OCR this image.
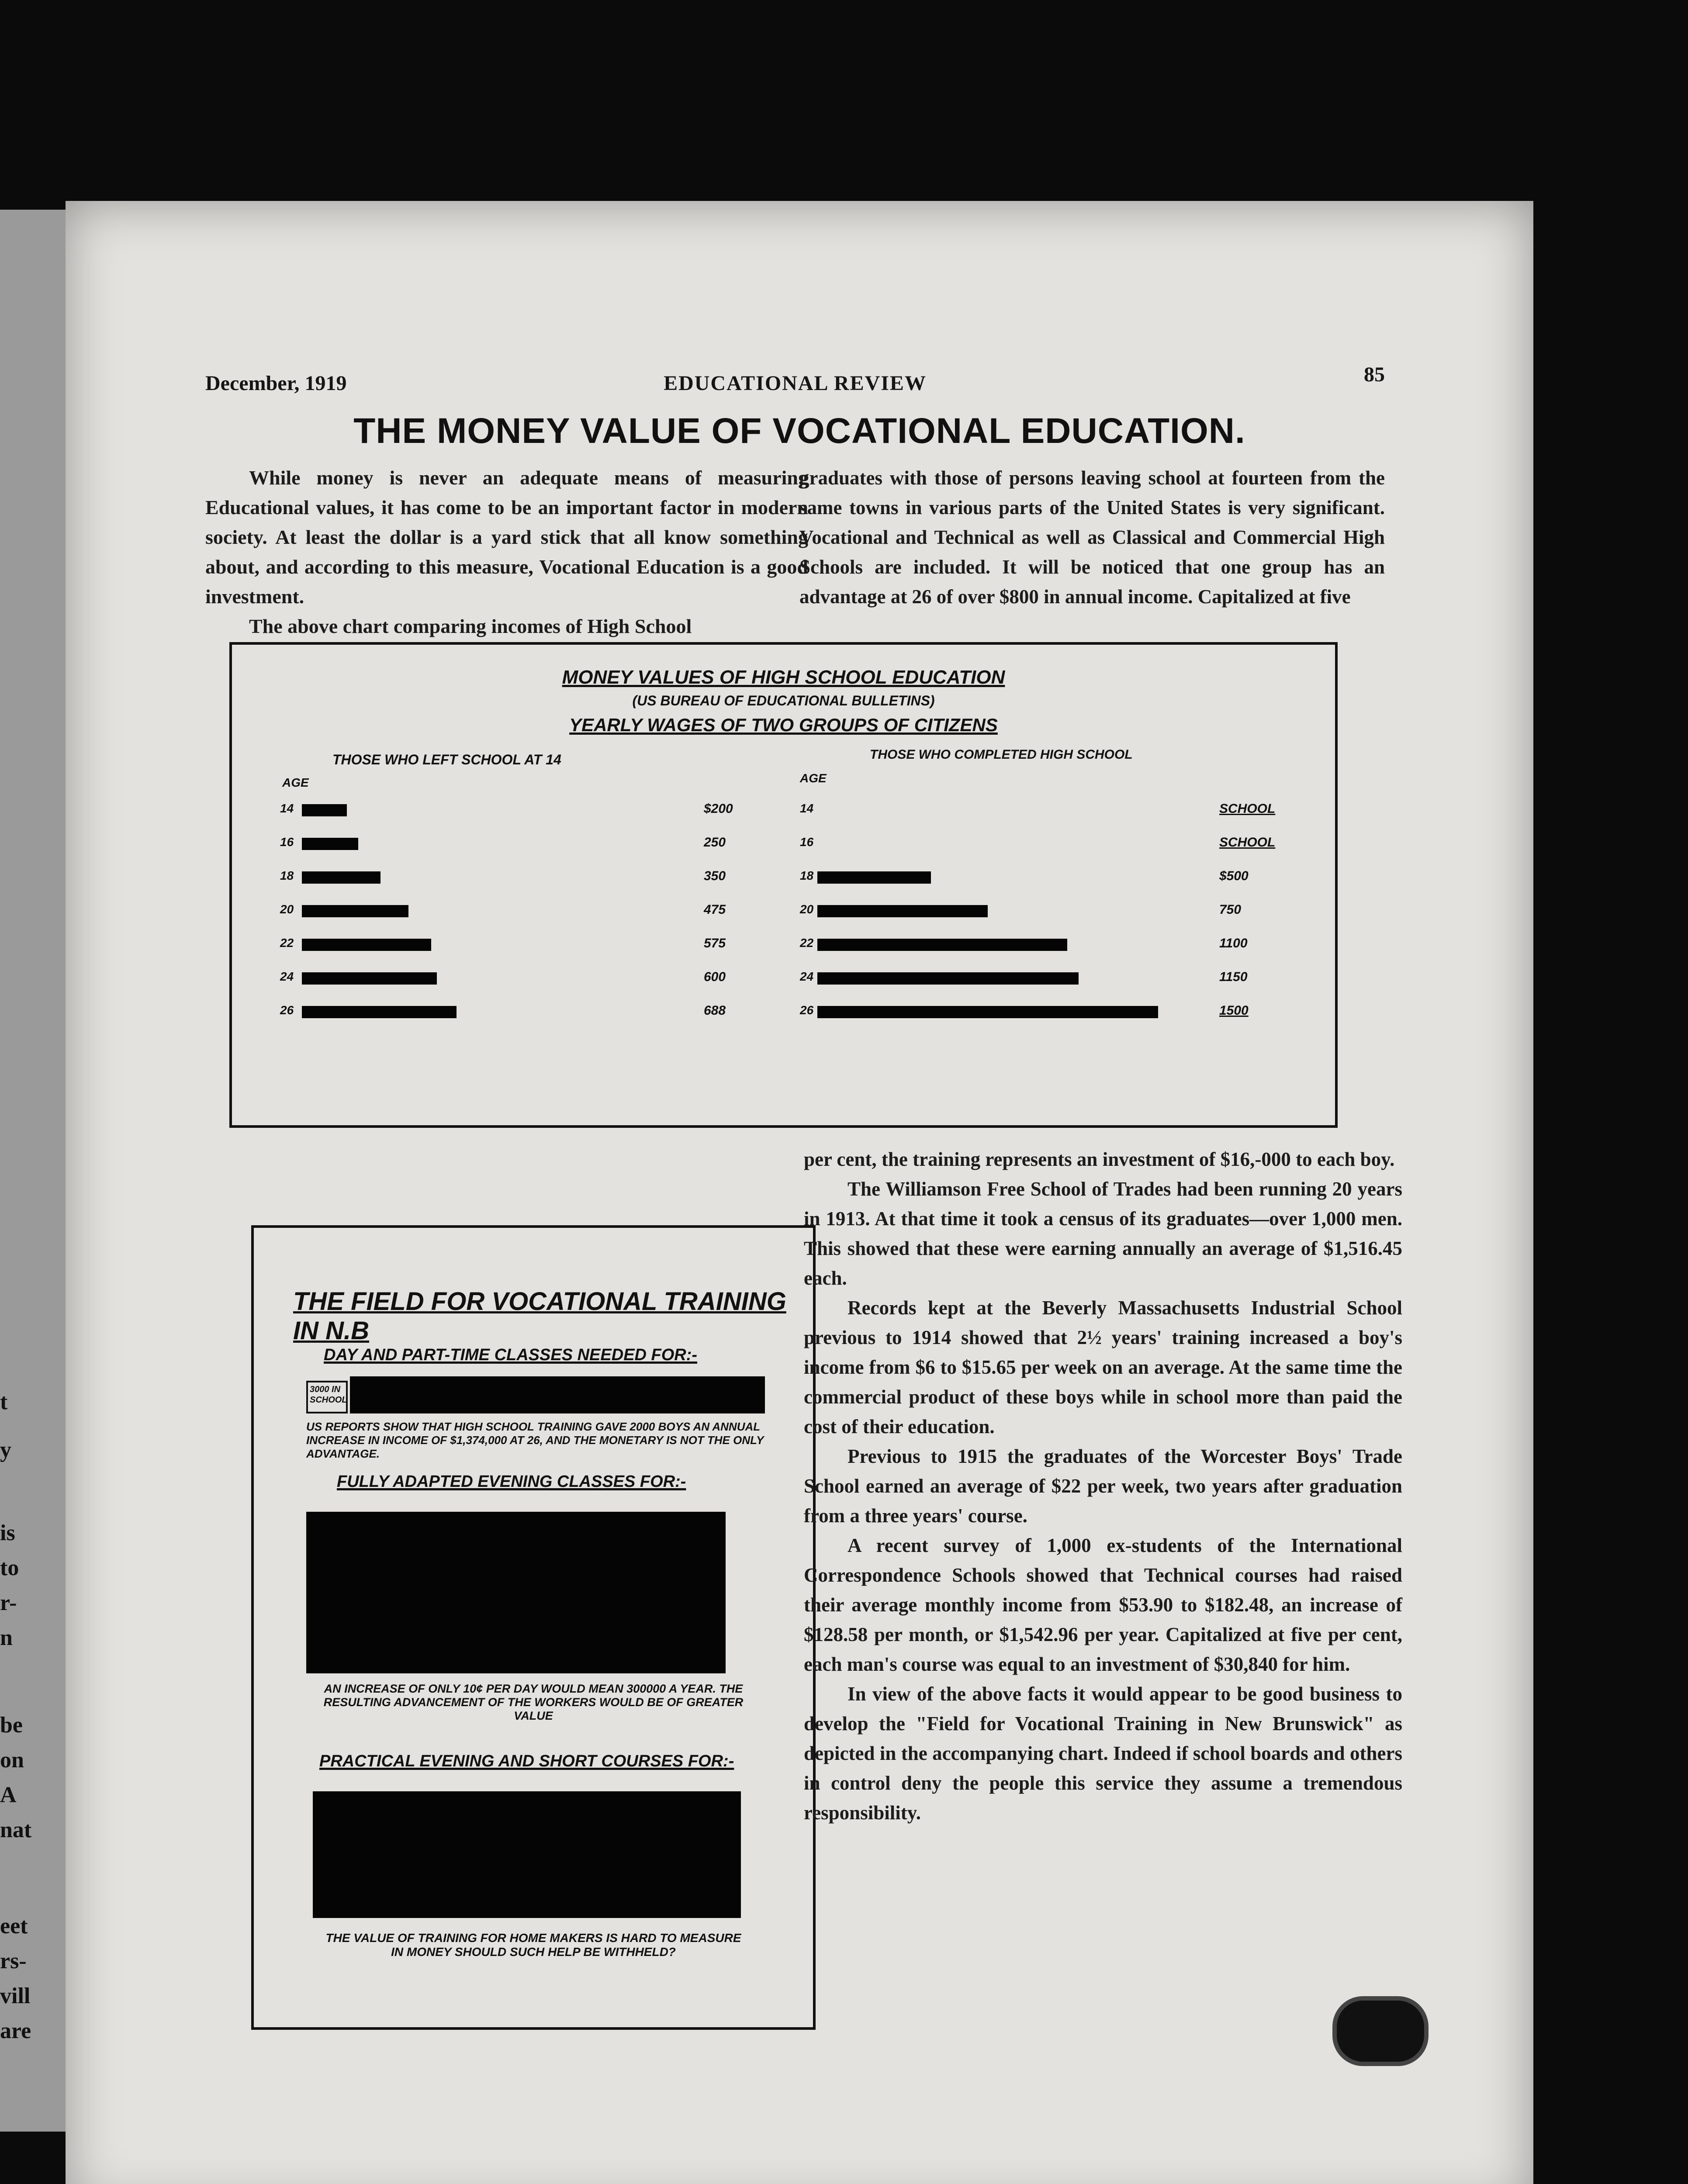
t
y
is
to
r-
n
be
on
A
nat
eet
rs-
vill
are
December, 1919	EDUCATIONAL REVIEW	85
THE MONEY VALUE OF VOCATIONAL EDUCATION.

While money is never an adequate means of measuring Educational values, it has come to be an important factor in modern society. At least the dollar is a yard stick that all know something about, and according to this measure, Vocational Education is a good investment.

The above chart comparing incomes of High School

graduates with those of persons leaving school at fourteen from the same towns in various parts of the United States is very significant. Vocational and Technical as well as Classical and Commercial High Schools are included. It will be noticed that one group has an advantage at 26 of over $800 in annual income. Capitalized at five

MONEY VALUES OF HIGH SCHOOL EDUCATION
(US BUREAU OF EDUCATIONAL BULLETINS)
YEARLY WAGES OF TWO GROUPS OF CITIZENS
THOSE WHO LEFT SCHOOL AT 14	THOSE WHO COMPLETED HIGH SCHOOL
AGE	AGE
14	14
$200	SCHOOL
16	16
250	SCHOOL
18	18
350	$500
20	20
475	750
22	22
575	1100
24	24
600	1150
26	26
688	1500
THE FIELD FOR VOCATIONAL TRAINING IN N.B
DAY AND PART-TIME CLASSES NEEDED FOR:-
3000 IN SCHOOL
US REPORTS SHOW THAT HIGH SCHOOL TRAINING GAVE 2000 BOYS AN ANNUAL INCREASE IN INCOME OF $1,374,000 AT 26, AND THE MONETARY IS NOT THE ONLY ADVANTAGE.
FULLY ADAPTED EVENING CLASSES FOR:-
AN INCREASE OF ONLY 10¢ PER DAY WOULD MEAN 300000 A YEAR. THE RESULTING ADVANCEMENT OF THE WORKERS WOULD BE OF GREATER VALUE
PRACTICAL EVENING AND SHORT COURSES FOR:-
THE VALUE OF TRAINING FOR HOME MAKERS IS HARD TO MEASURE IN MONEY SHOULD SUCH HELP BE WITHHELD?

per cent, the training represents an investment of $16,-000 to each boy.

The Williamson Free School of Trades had been running 20 years in 1913. At that time it took a census of its graduates—over 1,000 men. This showed that these were earning annually an average of $1,516.45 each.

Records kept at the Beverly Massachusetts Industrial School previous to 1914 showed that 2½ years' training increased a boy's income from $6 to $15.65 per week on an average. At the same time the commercial product of these boys while in school more than paid the cost of their education.

Previous to 1915 the graduates of the Worcester Boys' Trade School earned an average of $22 per week, two years after graduation from a three years' course.

A recent survey of 1,000 ex-students of the International Correspondence Schools showed that Technical courses had raised their average monthly income from $53.90 to $182.48, an increase of $128.58 per month, or $1,542.96 per year. Capitalized at five per cent, each man's course was equal to an investment of $30,840 for him.

In view of the above facts it would appear to be good business to develop the "Field for Vocational Training in New Brunswick" as depicted in the accompanying chart. Indeed if school boards and others in control deny the people this service they assume a tremendous responsibility.
